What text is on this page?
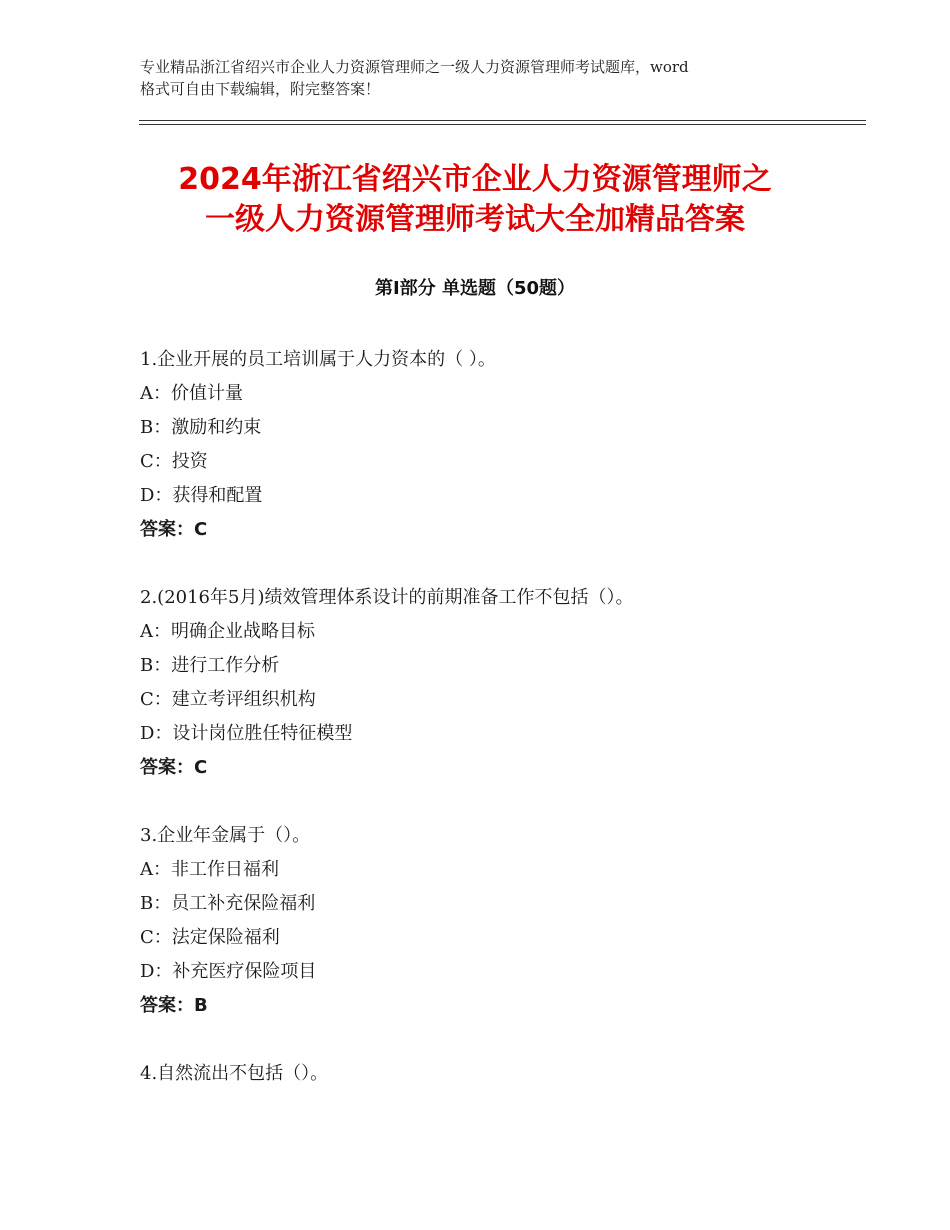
专业精品浙江省绍兴市企业人力资源管理师之一级人力资源管理师考试题库，word
格式可自由下载编辑，附完整答案！
2024年浙江省绍兴市企业人力资源管理师之
一级人力资源管理师考试大全加精品答案
第Ⅰ部分 单选题（50题）
1.企业开展的员工培训属于人力资本的（ ）。
A：价值计量
B：激励和约束
C：投资
D：获得和配置
答案：C
2.(2016年5月)绩效管理体系设计的前期准备工作不包括（）。
A：明确企业战略目标
B：进行工作分析
C：建立考评组织机构
D：设计岗位胜任特征模型
答案：C
3.企业年金属于（）。
A：非工作日福利
B：员工补充保险福利
C：法定保险福利
D：补充医疗保险项目
答案：B
4.自然流出不包括（）。
